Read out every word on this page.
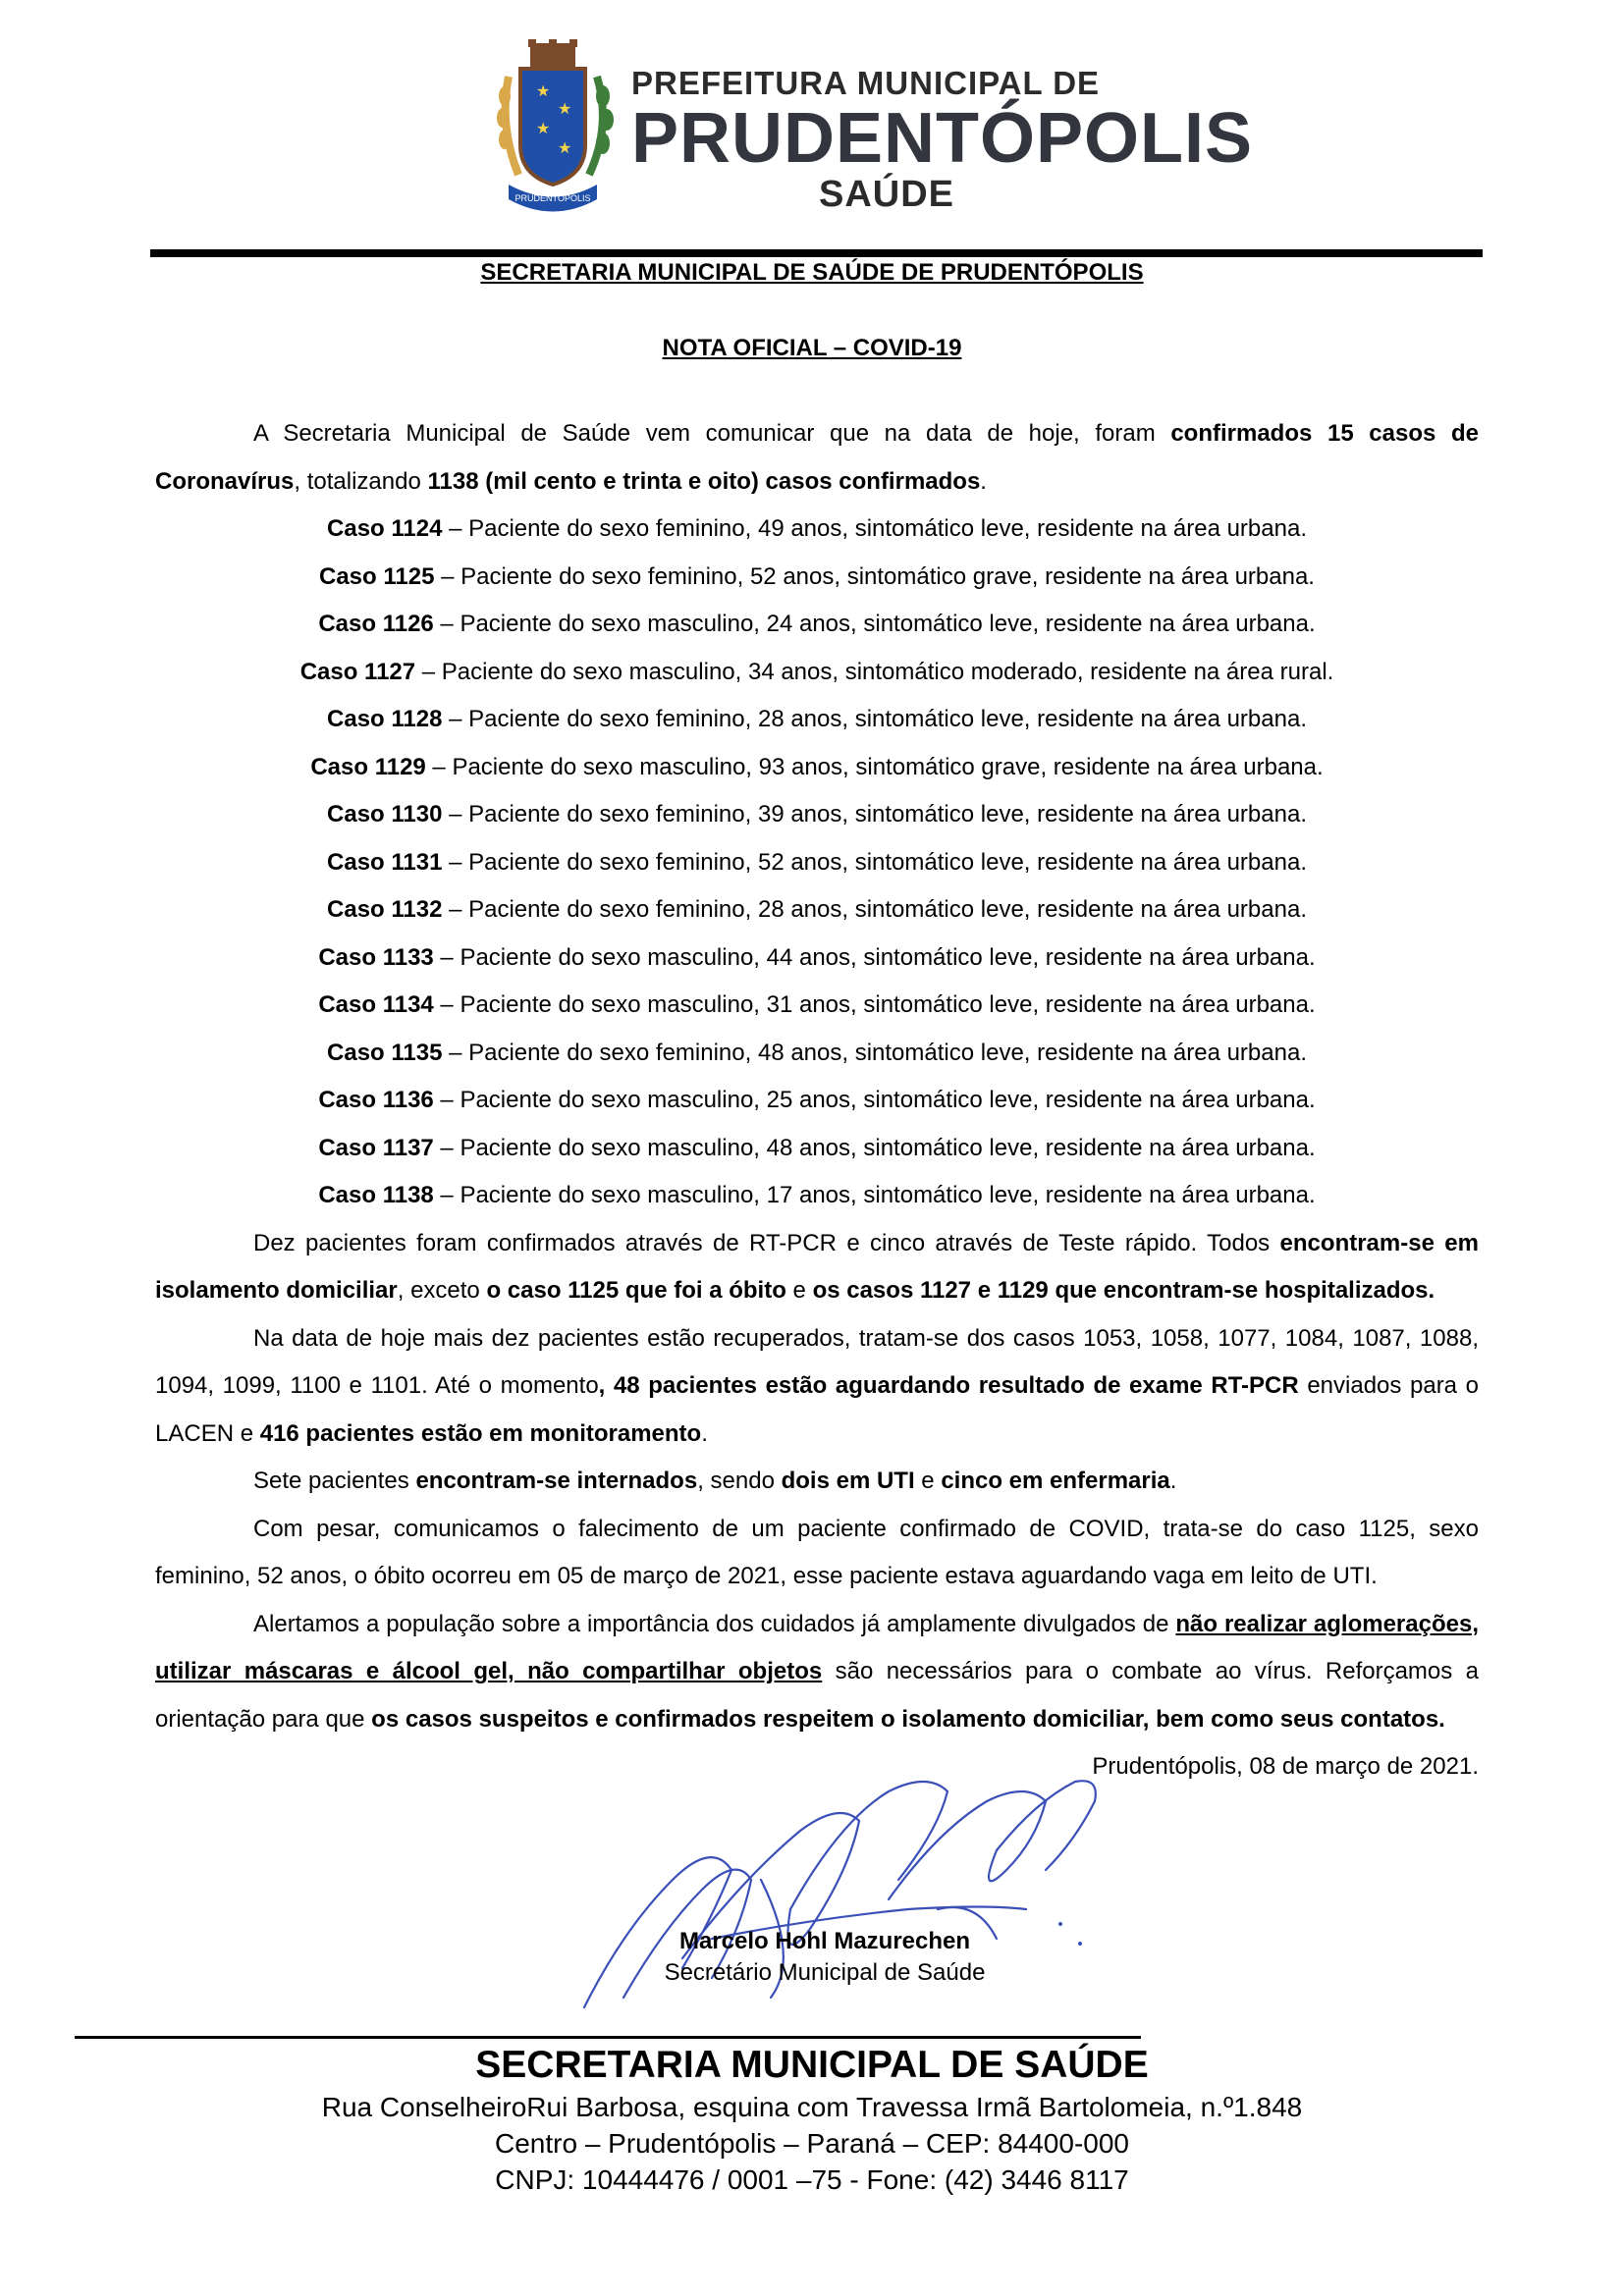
★
★
★
★
PRUDENTÓPOLIS
PREFEITURA MUNICIPAL DE
PRUDENTÓPOLIS
SAÚDE
SECRETARIA MUNICIPAL DE SAÚDE DE PRUDENTÓPOLIS
NOTA OFICIAL – COVID-19

A Secretaria Municipal de Saúde vem comunicar que na data de hoje, foram confirmados 15 casos de Coronavírus, totalizando 1138 (mil cento e trinta e oito) casos confirmados.

Caso 1124 – Paciente do sexo feminino, 49 anos, sintomático leve, residente na área urbana.

Caso 1125 – Paciente do sexo feminino, 52 anos, sintomático grave, residente na área urbana.

Caso 1126 – Paciente do sexo masculino, 24 anos, sintomático leve, residente na área urbana.

Caso 1127 – Paciente do sexo masculino, 34 anos, sintomático moderado, residente na área rural.

Caso 1128 – Paciente do sexo feminino, 28 anos, sintomático leve, residente na área urbana.

Caso 1129 – Paciente do sexo masculino, 93 anos, sintomático grave, residente na área urbana.

Caso 1130 – Paciente do sexo feminino, 39 anos, sintomático leve, residente na área urbana.

Caso 1131 – Paciente do sexo feminino, 52 anos, sintomático leve, residente na área urbana.

Caso 1132 – Paciente do sexo feminino, 28 anos, sintomático leve, residente na área urbana.

Caso 1133 – Paciente do sexo masculino, 44 anos, sintomático leve, residente na área urbana.

Caso 1134 – Paciente do sexo masculino, 31 anos, sintomático leve, residente na área urbana.

Caso 1135 – Paciente do sexo feminino, 48 anos, sintomático leve, residente na área urbana.

Caso 1136 – Paciente do sexo masculino, 25 anos, sintomático leve, residente na área urbana.

Caso 1137 – Paciente do sexo masculino, 48 anos, sintomático leve, residente na área urbana.

Caso 1138 – Paciente do sexo masculino, 17 anos, sintomático leve, residente na área urbana.

Dez pacientes foram confirmados através de RT-PCR e cinco através de Teste rápido. Todos encontram-se em isolamento domiciliar, exceto o caso 1125 que foi a óbito e os casos 1127 e 1129 que encontram-se hospitalizados.

Na data de hoje mais dez pacientes estão recuperados, tratam-se dos casos 1053, 1058, 1077, 1084, 1087, 1088, 1094, 1099, 1100 e 1101. Até o momento, 48 pacientes estão aguardando resultado de exame RT-PCR enviados para o LACEN e 416 pacientes estão em monitoramento.

Sete pacientes encontram-se internados, sendo dois em UTI e cinco em enfermaria.

Com pesar, comunicamos o falecimento de um paciente confirmado de COVID, trata-se do caso 1125, sexo feminino, 52 anos, o óbito ocorreu em 05 de março de 2021, esse paciente estava aguardando vaga em leito de UTI.

Alertamos a população sobre a importância dos cuidados já amplamente divulgados de não realizar aglomerações, utilizar máscaras e álcool gel, não compartilhar objetos são necessários para o combate ao vírus. Reforçamos a orientação para que os casos suspeitos e confirmados respeitem o isolamento domiciliar, bem como seus contatos.

Prudentópolis, 08 de março de 2021.

Marcelo Hohl Mazurechen
Secretário Municipal de Saúde
SECRETARIA MUNICIPAL DE SAÚDE
Rua ConselheiroRui Barbosa, esquina com Travessa Irmã Bartolomeia, n.º1.848
Centro – Prudentópolis – Paraná – CEP: 84400-000
CNPJ: 10444476 / 0001 –75 - Fone: (42) 3446 8117
